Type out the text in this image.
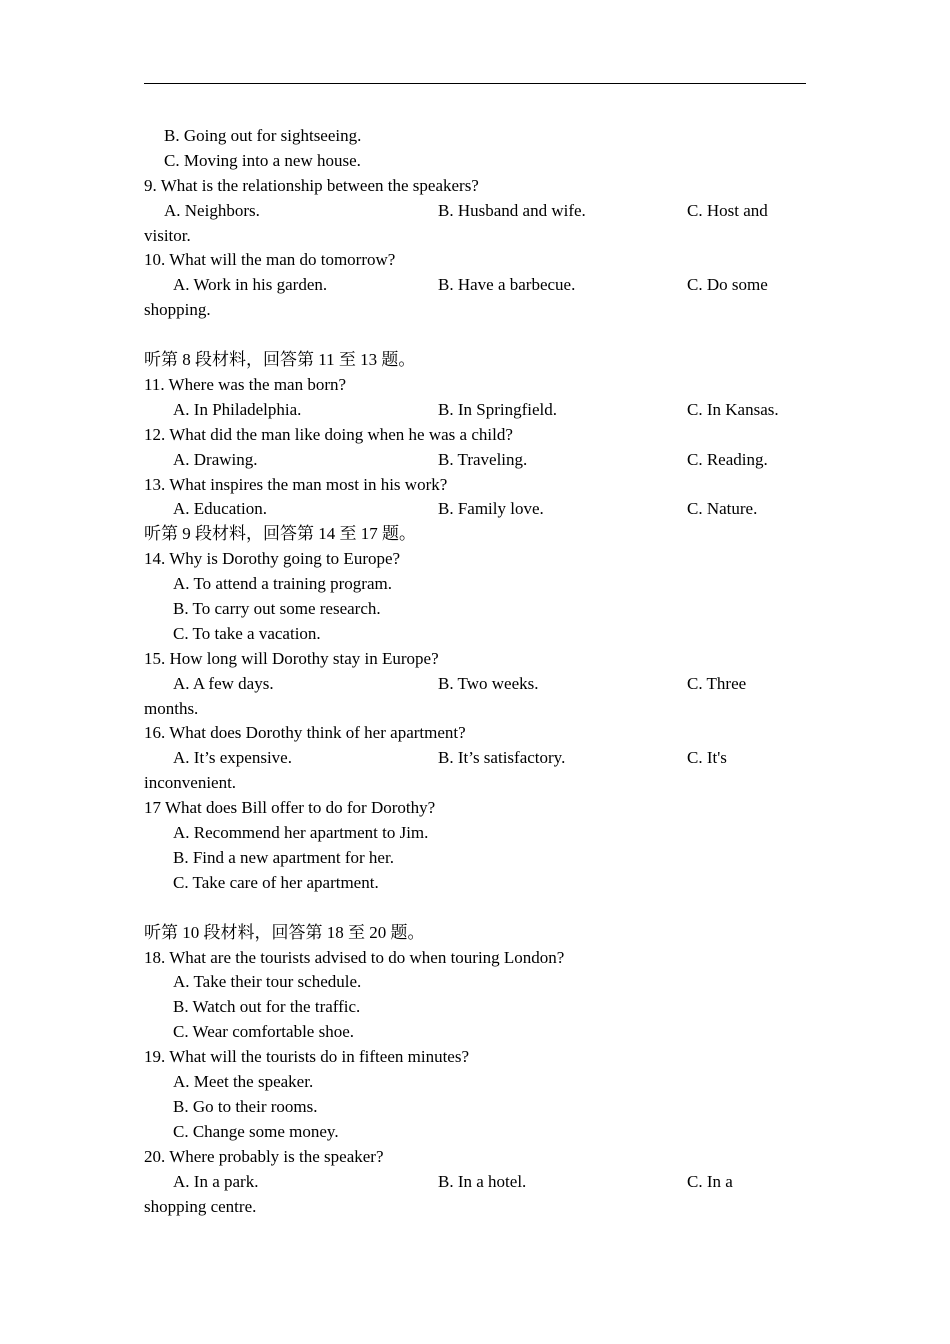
B. Going out for sightseeing.
C. Moving into a new house.
9. What is the relationship between the speakers?
A. Neighbors.	B. Husband and wife.	C. Host and
visitor.
10. What will the man do tomorrow?
A. Work in his garden.	B. Have a barbecue.	C. Do some
shopping.
听第 8 段材料，回答第 11 至 13 题。
11. Where was the man born?
A. In Philadelphia.	B. In Springfield.	C. In Kansas.
12. What did the man like doing when he was a child?
A. Drawing.	B. Traveling.	C. Reading.
13. What inspires the man most in his work?
A. Education.	B. Family love.	C. Nature.
听第 9 段材料，回答第 14 至 17 题。
14. Why is Dorothy going to Europe?
A. To attend a training program.
B. To carry out some research.
C. To take a vacation.
15. How long will Dorothy stay in Europe?
A. A few days.	B. Two weeks.	C. Three
months.
16. What does Dorothy think of her apartment?
A. It’s expensive.	B. It’s satisfactory.	C. It's
inconvenient.
17 What does Bill offer to do for Dorothy?
A. Recommend her apartment to Jim.
B. Find a new apartment for her.
C. Take care of her apartment.
听第 10 段材料，回答第 18 至 20 题。
18. What are the tourists advised to do when touring London?
A. Take their tour schedule.
B. Watch out for the traffic.
C. Wear comfortable shoe.
19. What will the tourists do in fifteen minutes?
A. Meet the speaker.
B. Go to their rooms.
C. Change some money.
20. Where probably is the speaker?
A. In a park.	B. In a hotel.	C. In a
shopping centre.
